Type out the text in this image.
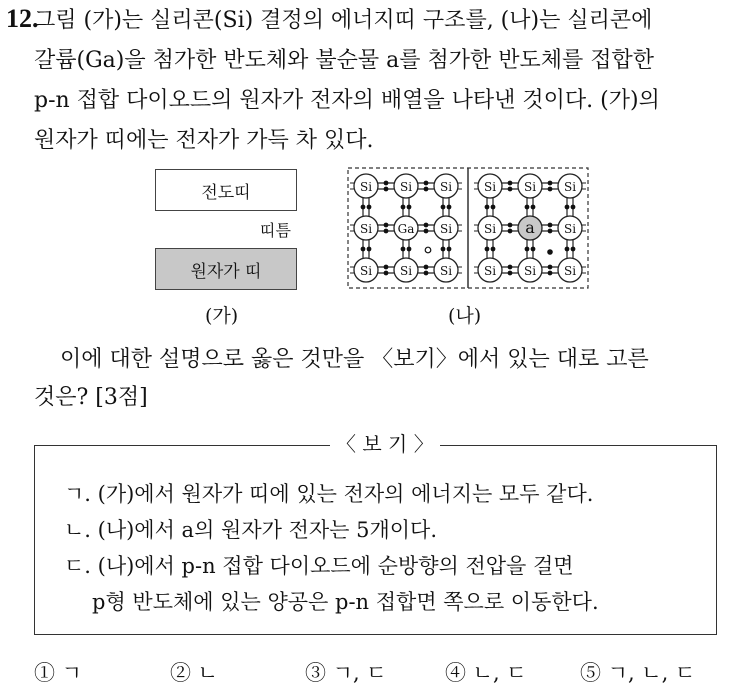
12.
그림 (가)는 실리콘(Si) 결정의 에너지띠 구조를, (나)는 실리콘에
갈륨(Ga)을 첨가한 반도체와 불순물 a를 첨가한 반도체를 접합한
p-n 접합 다이오드의 원자가 전자의 배열을 나타낸 것이다. (가)의
원자가 띠에는 전자가 가득 차 있다.
전도띠
띠틈
원자가 띠
(가)
Si Si Si
Si Ga Si
Si Si Si
Si Si Si
Si a Si
Si Si Si
(나)
이에 대한 설명으로 옳은 것만을 〈보기〉에서 있는 대로 고른
것은? [3점]
〈 보 기 〉
ㄱ. (가)에서 원자가 띠에 있는 전자의 에너지는 모두 같다.
ㄴ. (나)에서 a의 원자가 전자는 5개이다.
ㄷ. (나)에서 p-n 접합 다이오드에 순방향의 전압을 걸면
p형 반도체에 있는 양공은 p-n 접합면 쪽으로 이동한다.
① ㄱ	② ㄴ	③ ㄱ, ㄷ	④ ㄴ, ㄷ	⑤ ㄱ, ㄴ, ㄷ
